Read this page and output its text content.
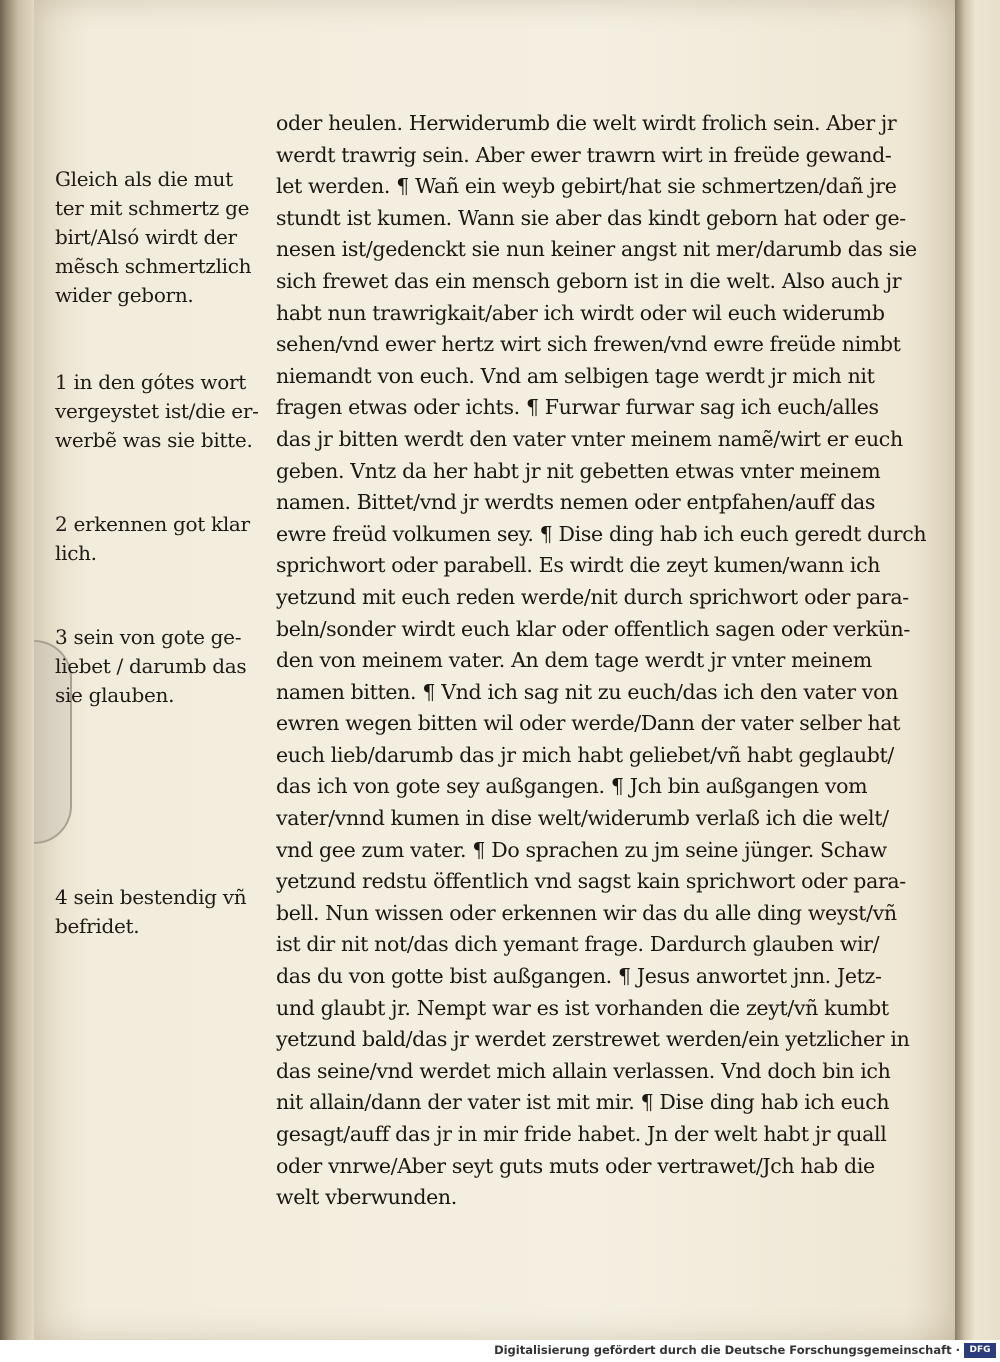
Gleich als die mut
ter mit schmertz ge
birt/Alsó wirdt der
mẽsch schmertzlich
wider geborn.
1 in den gótes wort
vergeystet ist/die er-
werbẽ was sie bitte.
2 erkennen got klar
lich.
3 sein von gote ge-
liebet / darumb das
sie glauben.
4 sein bestendig vñ
befridet.
oder heulen. Herwiderumb die welt wirdt frolich sein. Aber jr
werdt trawrig sein. Aber ewer trawrn wirt in freüde gewand-
let werden. ¶ Wañ ein weyb gebirt/hat sie schmertzen/dañ jre
stundt ist kumen. Wann sie aber das kindt geborn hat oder ge-
nesen ist/gedenckt sie nun keiner angst nit mer/darumb das sie
sich frewet das ein mensch geborn ist in die welt. Also auch jr
habt nun trawrigkait/aber ich wirdt oder wil euch widerumb
sehen/vnd ewer hertz wirt sich frewen/vnd ewre freüde nimbt
niemandt von euch. Vnd am selbigen tage werdt jr mich nit
fragen etwas oder ichts. ¶ Furwar furwar sag ich euch/alles
das jr bitten werdt den vater vnter meinem namẽ/wirt er euch
geben. Vntz da her habt jr nit gebetten etwas vnter meinem
namen. Bittet/vnd jr werdts nemen oder entpfahen/auff das
ewre freüd volkumen sey. ¶ Dise ding hab ich euch geredt durch
sprichwort oder parabell. Es wirdt die zeyt kumen/wann ich
yetzund mit euch reden werde/nit durch sprichwort oder para-
beln/sonder wirdt euch klar oder offentlich sagen oder verkün-
den von meinem vater. An dem tage werdt jr vnter meinem
namen bitten. ¶ Vnd ich sag nit zu euch/das ich den vater von
ewren wegen bitten wil oder werde/Dann der vater selber hat
euch lieb/darumb das jr mich habt geliebet/vñ habt geglaubt/
das ich von gote sey außgangen. ¶ Jch bin außgangen vom
vater/vnnd kumen in dise welt/widerumb verlaß ich die welt/
vnd gee zum vater. ¶ Do sprachen zu jm seine jünger. Schaw
yetzund redstu öffentlich vnd sagst kain sprichwort oder para-
bell. Nun wissen oder erkennen wir das du alle ding weyst/vñ
ist dir nit not/das dich yemant frage. Dardurch glauben wir/
das du von gotte bist außgangen. ¶ Jesus anwortet jnn. Jetz-
und glaubt jr. Nempt war es ist vorhanden die zeyt/vñ kumbt
yetzund bald/das jr werdet zerstrewet werden/ein yetzlicher in
das seine/vnd werdet mich allain verlassen. Vnd doch bin ich
nit allain/dann der vater ist mit mir. ¶ Dise ding hab ich euch
gesagt/auff das jr in mir fride habet. Jn der welt habt jr quall
oder vnrwe/Aber seyt guts muts oder vertrawet/Jch hab die
welt vberwunden.
Digitalisierung gefördert durch die Deutsche Forschungsgemeinschaft ·	DFG
